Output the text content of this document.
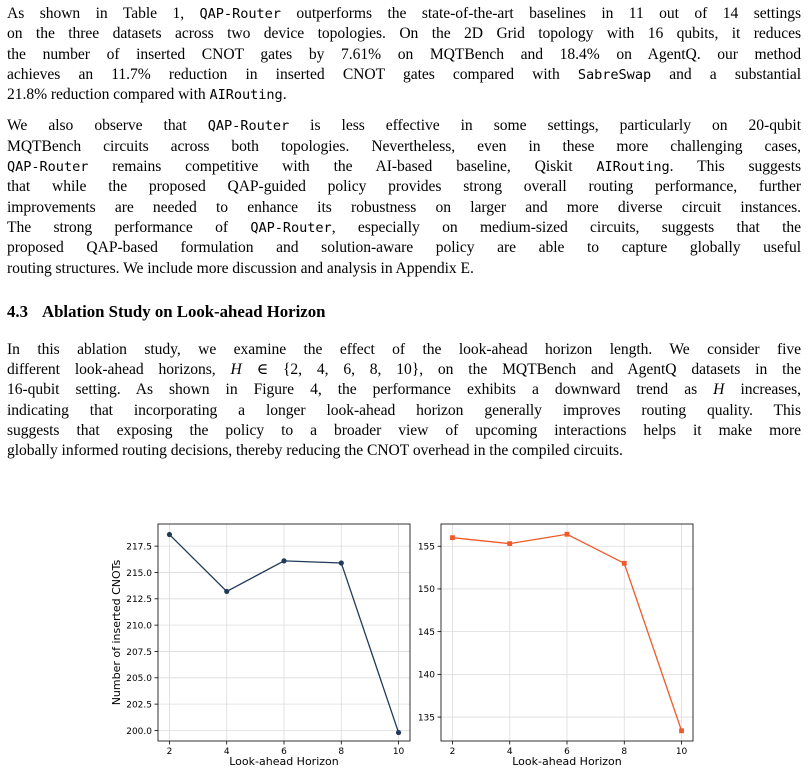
As shown in Table 1, QAP-Router outperforms the state-of-the-art baselines in 11 out of 14 settings
on the three datasets across two device topologies. On the 2D Grid topology with 16 qubits, it reduces
the number of inserted CNOT gates by 7.61% on MQTBench and 18.4% on AgentQ. our method
achieves an 11.7% reduction in inserted CNOT gates compared with SabreSwap and a substantial
21.8% reduction compared with AIRouting.
We also observe that QAP-Router is less effective in some settings, particularly on 20-qubit
MQTBench circuits across both topologies. Nevertheless, even in these more challenging cases,
QAP-Router remains competitive with the AI-based baseline, Qiskit AIRouting. This suggests
that while the proposed QAP-guided policy provides strong overall routing performance, further
improvements are needed to enhance its robustness on larger and more diverse circuit instances.
The strong performance of QAP-Router, especially on medium-sized circuits, suggests that the
proposed QAP-based formulation and solution-aware policy are able to capture globally useful
routing structures. We include more discussion and analysis in Appendix E.
4.3 Ablation Study on Look-ahead Horizon
In this ablation study, we examine the effect of the look-ahead horizon length. We consider five
different look-ahead horizons, H ∈ {2, 4, 6, 8, 10}, on the MQTBench and AgentQ datasets in the
16-qubit setting. As shown in Figure 4, the performance exhibits a downward trend as H increases,
indicating that incorporating a longer look-ahead horizon generally improves routing quality. This
suggests that exposing the policy to a broader view of upcoming interactions helps it make more
globally informed routing decisions, thereby reducing the CNOT overhead in the compiled circuits.
2	4	6	8	10
200.0
202.5
205.0
207.5
210.0
212.5
215.0
217.5
Look-ahead Horizon
Number of inserted CNOTs
2	4	6	8	10
135
140
145
150
155
Look-ahead Horizon
